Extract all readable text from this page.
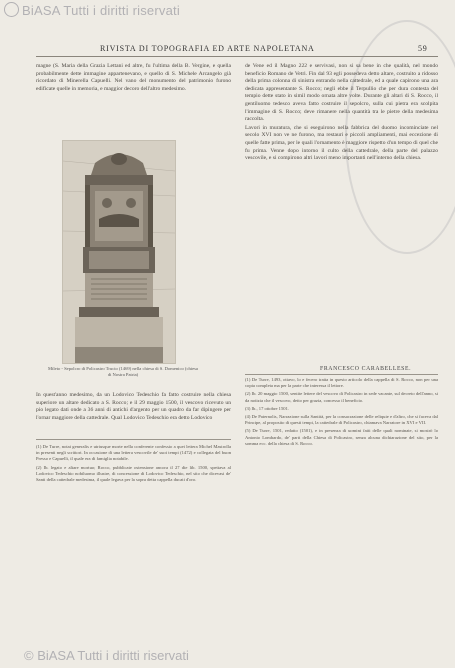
BiASA Tutti i diritti riservati
RIVISTA DI TOPOGRAFIA ED ARTE NAPOLETANA	59

magne (S. Maria della Grazia Lettani ed altre, fu l'ultima della B. Vergine, e quella probabilmente dette immagine appartenevano, e quello di S. Michele Arcangelo già ricordato di Minerella Capuelli. Nel vano del monumento del patrimonio furono edificate quelle in memoria, e maggior decoro dell'altro medesimo.

Mileto - Sepolcro di Policastro Trucio (1469) nella chiesa di S. Domenico (chiesa di Nostra Patria)

In quest'anno medesimo, da un Lodovico Tedeschio fa fatto costruire nella chiesa superiore un altare dedicato a S. Rocco; e il 29 maggio 1500, il vescovo ricevuto un pio legato dati onde a 36 anni di antichi d'argento per un quadro da far dipingere per l'ornar maggiore della cattedrale. Qual Lodovico Tedeschio era detto Lodovico

de Vene ed il Magno 222 e servivasi, non si sa bene in che qualità, nel mondo beneficio Romano de Vetri. Fin dal 93 egli possedeva detto altare, costruito a ridosso della prima colonna di sinistra entrando nella cattedrale, ed a quale capirono una ara dedicata appresentante S. Rocco; negli ebbe il Terpullio che per dura contesta del tempio dette stato in simil modo ornata altre volte. Durante gli altari di S. Rocco, il gentiluomo tedesco aveva fatto costruire il sepolcro, sulla cui pietra era scolpita l'immagine di S. Rocco; deve rimanere nella quantità tra le pietre della medesima raccolta.

Lavori in muratura, che si eseguirono nella fabbrica del duomo incominciate nel secolo XVI non ve ne furono, ma restauri e piccoli ampliamenti, mai eccezione di quelle fatte prima, per le quali l'ornamento è maggiore rispetto d'un tempo di quel che fu prima. Venne dopo intorno il culto della cattedrale, della parte del palazzo vescovile, e si compirono altri lavori meno importanti nell'interno della chiesa.

FRANCESCO CARABELLESE.

(1) De Turre, notai generalis e utriusque morte nella conferente confessio a quei lettera Michel Mastrolla in presenti negli scrittori. In occasione di una lettera vescovile de' suoi tempi (1472) e collegata del buon Presso e Capuelli, il quale era di famiglia notabile.

(2) Ib. legato e altare mortuo; Rocco, pubblicate ostensione ancora il 27 die lib. 1500, spettava al Lodovico Tedeschio nobiluomo illustre, di concessione di Lodovico Tedeschio, nel sito che dicevasi de' Santi della cattedrale medesima, il quale legava per la sopra detta cappella ducati d'oro.

(1) De Turre, 1493, ottavo, lo e fecero tratta in questo articolo della cappella di S. Rocco, non per una copia completa ma per la parte che interessa il lettore.

(2) Ib. 20 maggio 1500, sentite lettere del vescovo di Policastro in sede vacante, sul decreto dell'anno, si da notizia che il vescovo, detto per grazia, concesso il beneficio.

(3) Ib., 17 ottobre 1501.

(4) De Paternolis, Narrazione sulla Santità, per la consacrazione delle reliquie e d'altro, che si faceva dal Principe, al proposito di questi tempi, la cattedrale di Policastro, chiamava Narratore in XVI e VII.

(5) De Turre, 1501, redatto (1501), e in presenza di uomini fatti delle quali nominate, si mostrò lo Antonio Lombardo, de' parti della Chiesa di Policastro, senza alcuna dichiarazione del sito, per la somma ecc. della chiesa di S. Rocco.

© BiASA Tutti i diritti riservati
